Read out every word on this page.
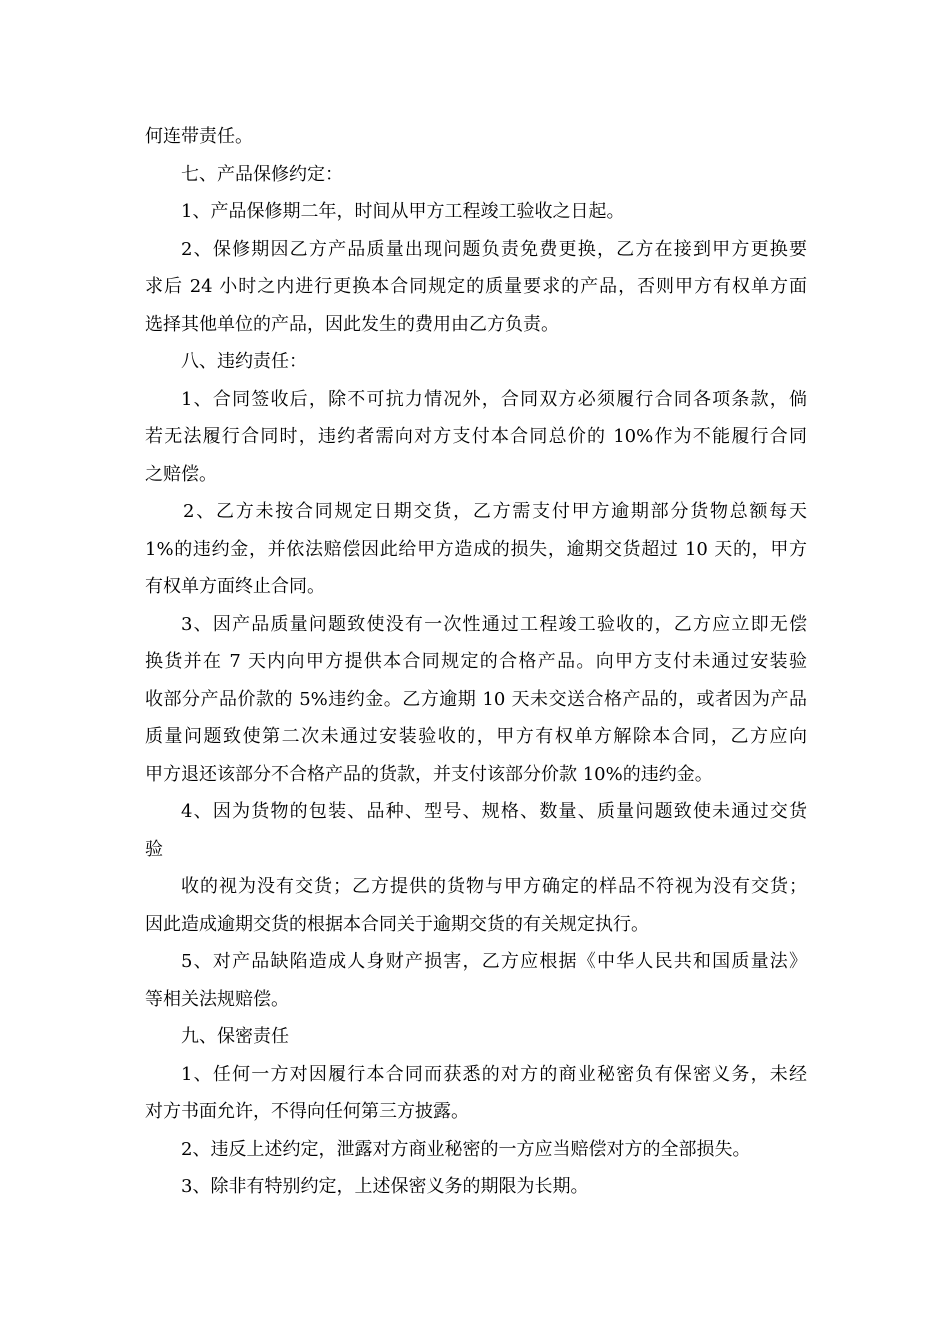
何连带责任。

七、产品保修约定：

1、产品保修期二年，时间从甲方工程竣工验收之日起。

2、保修期因乙方产品质量出现问题负责免费更换，乙方在接到甲方更换要

求后 24 小时之内进行更换本合同规定的质量要求的产品，否则甲方有权单方面

选择其他单位的产品，因此发生的费用由乙方负责。

八、违约责任：

1、合同签收后，除不可抗力情况外，合同双方必须履行合同各项条款，倘

若无法履行合同时，违约者需向对方支付本合同总价的 10%作为不能履行合同

之赔偿。

2、乙方未按合同规定日期交货，乙方需支付甲方逾期部分货物总额每天

1%的违约金，并依法赔偿因此给甲方造成的损失，逾期交货超过 10 天的，甲方

有权单方面终止合同。

3、因产品质量问题致使没有一次性通过工程竣工验收的，乙方应立即无偿

换货并在 7 天内向甲方提供本合同规定的合格产品。向甲方支付未通过安装验

收部分产品价款的 5%违约金。乙方逾期 10 天未交送合格产品的，或者因为产品

质量问题致使第二次未通过安装验收的，甲方有权单方解除本合同，乙方应向

甲方退还该部分不合格产品的货款，并支付该部分价款 10%的违约金。

4、因为货物的包装、品种、型号、规格、数量、质量问题致使未通过交货

验

收的视为没有交货；乙方提供的货物与甲方确定的样品不符视为没有交货；

因此造成逾期交货的根据本合同关于逾期交货的有关规定执行。

5、对产品缺陷造成人身财产损害，乙方应根据《中华人民共和国质量法》

等相关法规赔偿。

九、保密责任

1、任何一方对因履行本合同而获悉的对方的商业秘密负有保密义务，未经

对方书面允许，不得向任何第三方披露。

2、违反上述约定，泄露对方商业秘密的一方应当赔偿对方的全部损失。

3、除非有特别约定，上述保密义务的期限为长期。
